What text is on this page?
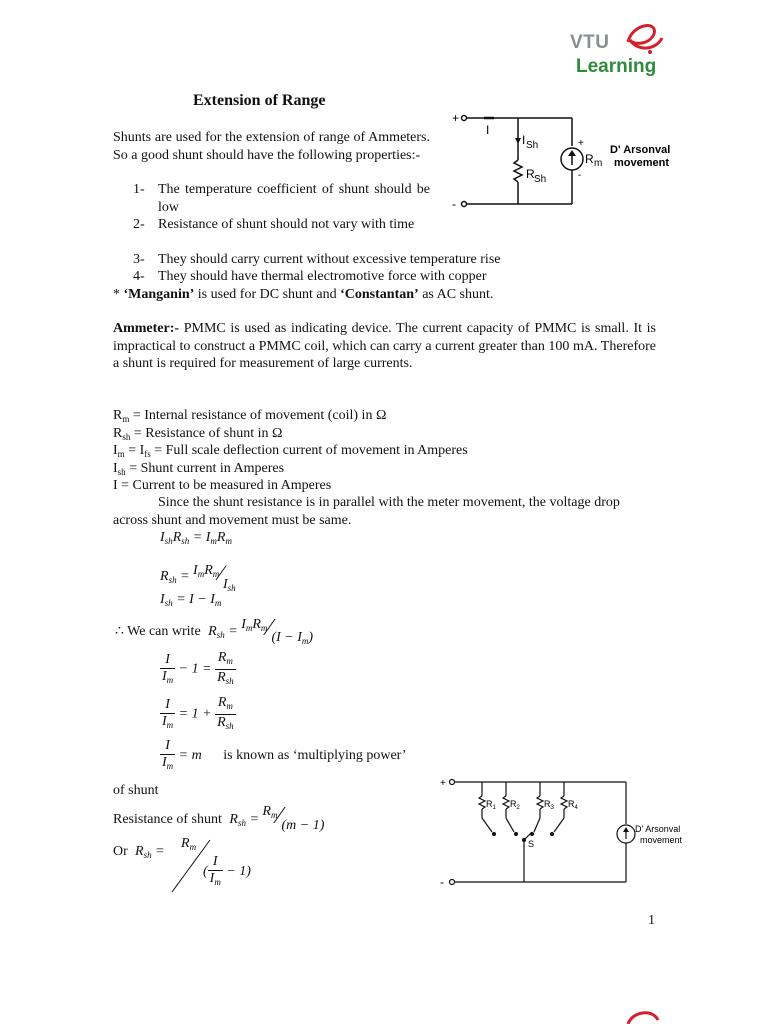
VTU
Learning
Extension of Range
Shunts are used for the extension of range of Ammeters. So a good shunt should have the following properties:-
1- The temperature coefficient of shunt should be low
2- Resistance of shunt should not vary with time
3- They should carry current without excessive temperature rise
4- They should have thermal electromotive force with copper
* ‘Manganin’ is used for DC shunt and ‘Constantan’ as AC shunt.
+
-
I
I Sh
R Sh
+
-
R m
D' Arsonval
movement
Ammeter:- PMMC is used as indicating device. The current capacity of PMMC is small. It is impractical to construct a PMMC coil, which can carry a current greater than 100 mA. Therefore a shunt is required for measurement of large currents.
$R_m$ = Internal resistance of movement (coil) in Ω
$R_{sh}$ = Resistance of shunt in Ω
$I_m = I_{fs}$ = Full scale deflection current of movement in Amperes
$I_{sh}$ = Shunt current in Amperes
I = Current to be measured in Amperes
Since the shunt resistance is in parallel with the meter movement, the voltage drop across shunt and movement must be same.
$I_{sh}R_{sh} = I_mR_m$
$R_{sh}$ = $I_mR_m⁄I_{sh}$
$I_{sh} = I - I_m$
∴ We can write $R_{sh}$ = $I_mR_m⁄(I - I_m)$
$\frac{I}{I_m} - 1 = \frac{R_m}{R_{sh}}$
$\frac{I}{I_m} = 1 + \frac{R_m}{R_{sh}}$
$\frac{I}{I_m} = m$ is known as ‘multiplying power’
of shunt
Resistance of shunt $R_{sh}$ = $R_m⁄(m - 1)$
Or $R_{sh}$ =
$R_m$
( $\frac{I}{I_m} - 1$)
+
-
$R_1$ $R_2$	$R_3$ $R_4$
S
D' Arsonval
movement
1
